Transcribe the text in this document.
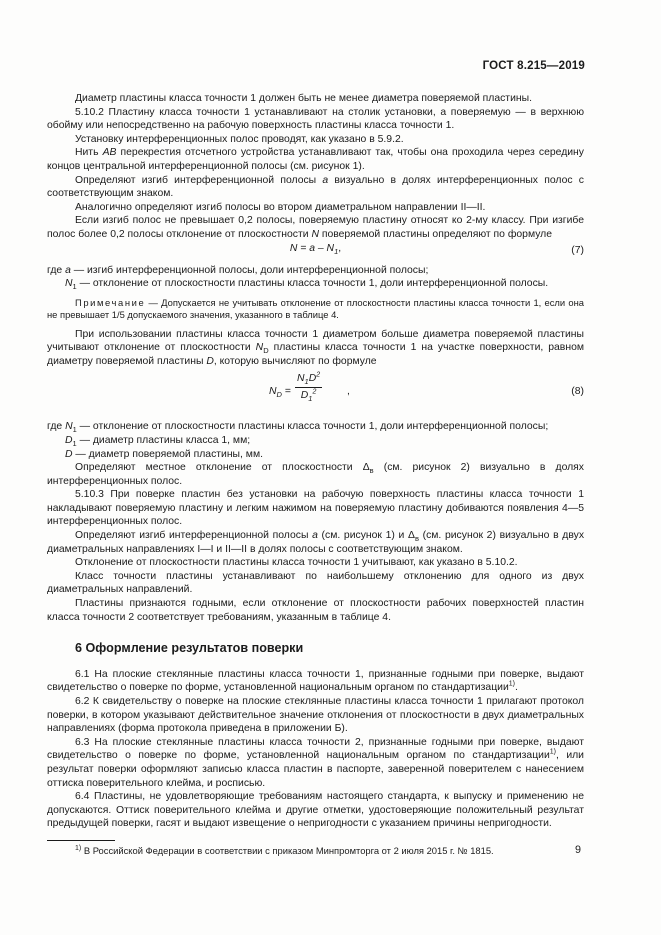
ГОСТ 8.215—2019

Диаметр пластины класса точности 1 должен быть не менее диаметра поверяемой пластины.

5.10.2 Пластину класса точности 1 устанавливают на столик установки, а поверяемую — в верхнюю обойму или непосредственно на рабочую поверхность пластины класса точности 1.

Установку интерференционных полос проводят, как указано в 5.9.2.

Нить AB перекрестия отсчетного устройства устанавливают так, чтобы она проходила через середину концов центральной интерференционной полосы (см. рисунок 1).

Определяют изгиб интерференционной полосы a визуально в долях интерференционных полос с соответствующим знаком.

Аналогично определяют изгиб полосы во втором диаметральном направлении II—II.

Если изгиб полос не превышает 0,2 полосы, поверяемую пластину относят ко 2-му классу. При изгибе полос более 0,2 полосы отклонение от плоскостности N поверяемой пластины определяют по формуле

$N = a - N_1$,	(7)

где a — изгиб интерференционной полосы, доли интерференционной полосы;

$N_1$ — отклонение от плоскостности пластины класса точности 1, доли интерференционной полосы.

Примечание — Допускается не учитывать отклонение от плоскостности пластины класса точности 1, если она не превышает 1/5 допускаемого значения, указанного в таблице 4.

При использовании пластины класса точности 1 диаметром больше диаметра поверяемой пластины учитывают отклонение от плоскостности $N_D$ пластины класса точности 1 на участке поверхности, равном диаметру поверяемой пластины D, которую вычисляют по формуле

$N_D = \frac{N_1D^2}{D_1^2}$ ,	(8)

где $N_1$ — отклонение от плоскостности пластины класса точности 1, доли интерференционной полосы;

$D_1$ — диаметр пластины класса 1, мм;

D — диаметр поверяемой пластины, мм.

Определяют местное отклонение от плоскостности $\Delta_в$ (см. рисунок 2) визуально в долях интерференционных полос.

5.10.3 При поверке пластин без установки на рабочую поверхность пластины класса точности 1 накладывают поверяемую пластину и легким нажимом на поверяемую пластину добиваются появления 4—5 интерференционных полос.

Определяют изгиб интерференционной полосы a (см. рисунок 1) и $\Delta_в$ (см. рисунок 2) визуально в двух диаметральных направлениях I—I и II—II в долях полосы с соответствующим знаком.

Отклонение от плоскостности пластины класса точности 1 учитывают, как указано в 5.10.2.

Класс точности пластины устанавливают по наибольшему отклонению для одного из двух диаметральных направлений.

Пластины признаются годными, если отклонение от плоскостности рабочих поверхностей пластин класса точности 2 соответствует требованиям, указанным в таблице 4.

6 Оформление результатов поверки

6.1 На плоские стеклянные пластины класса точности 1, признанные годными при поверке, выдают свидетельство о поверке по форме, установленной национальным органом по стандартизации$^{1)}$.

6.2 К свидетельству о поверке на плоские стеклянные пластины класса точности 1 прилагают протокол поверки, в котором указывают действительное значение отклонения от плоскостности в двух диаметральных направлениях (форма протокола приведена в приложении Б).

6.3 На плоские стеклянные пластины класса точности 2, признанные годными при поверке, выдают свидетельство о поверке по форме, установленной национальным органом по стандартизации$^{1)}$, или результат поверки оформляют записью класса пластин в паспорте, заверенной поверителем с нанесением оттиска поверительного клейма, и росписью.

6.4 Пластины, не удовлетворяющие требованиям настоящего стандарта, к выпуску и применению не допускаются. Оттиск поверительного клейма и другие отметки, удостоверяющие положительный результат предыдущей поверки, гасят и выдают извещение о непригодности с указанием причины непригодности.

$^{1)}$ В Российской Федерации в соответствии с приказом Минпромторга от 2 июля 2015 г. № 1815.	9
